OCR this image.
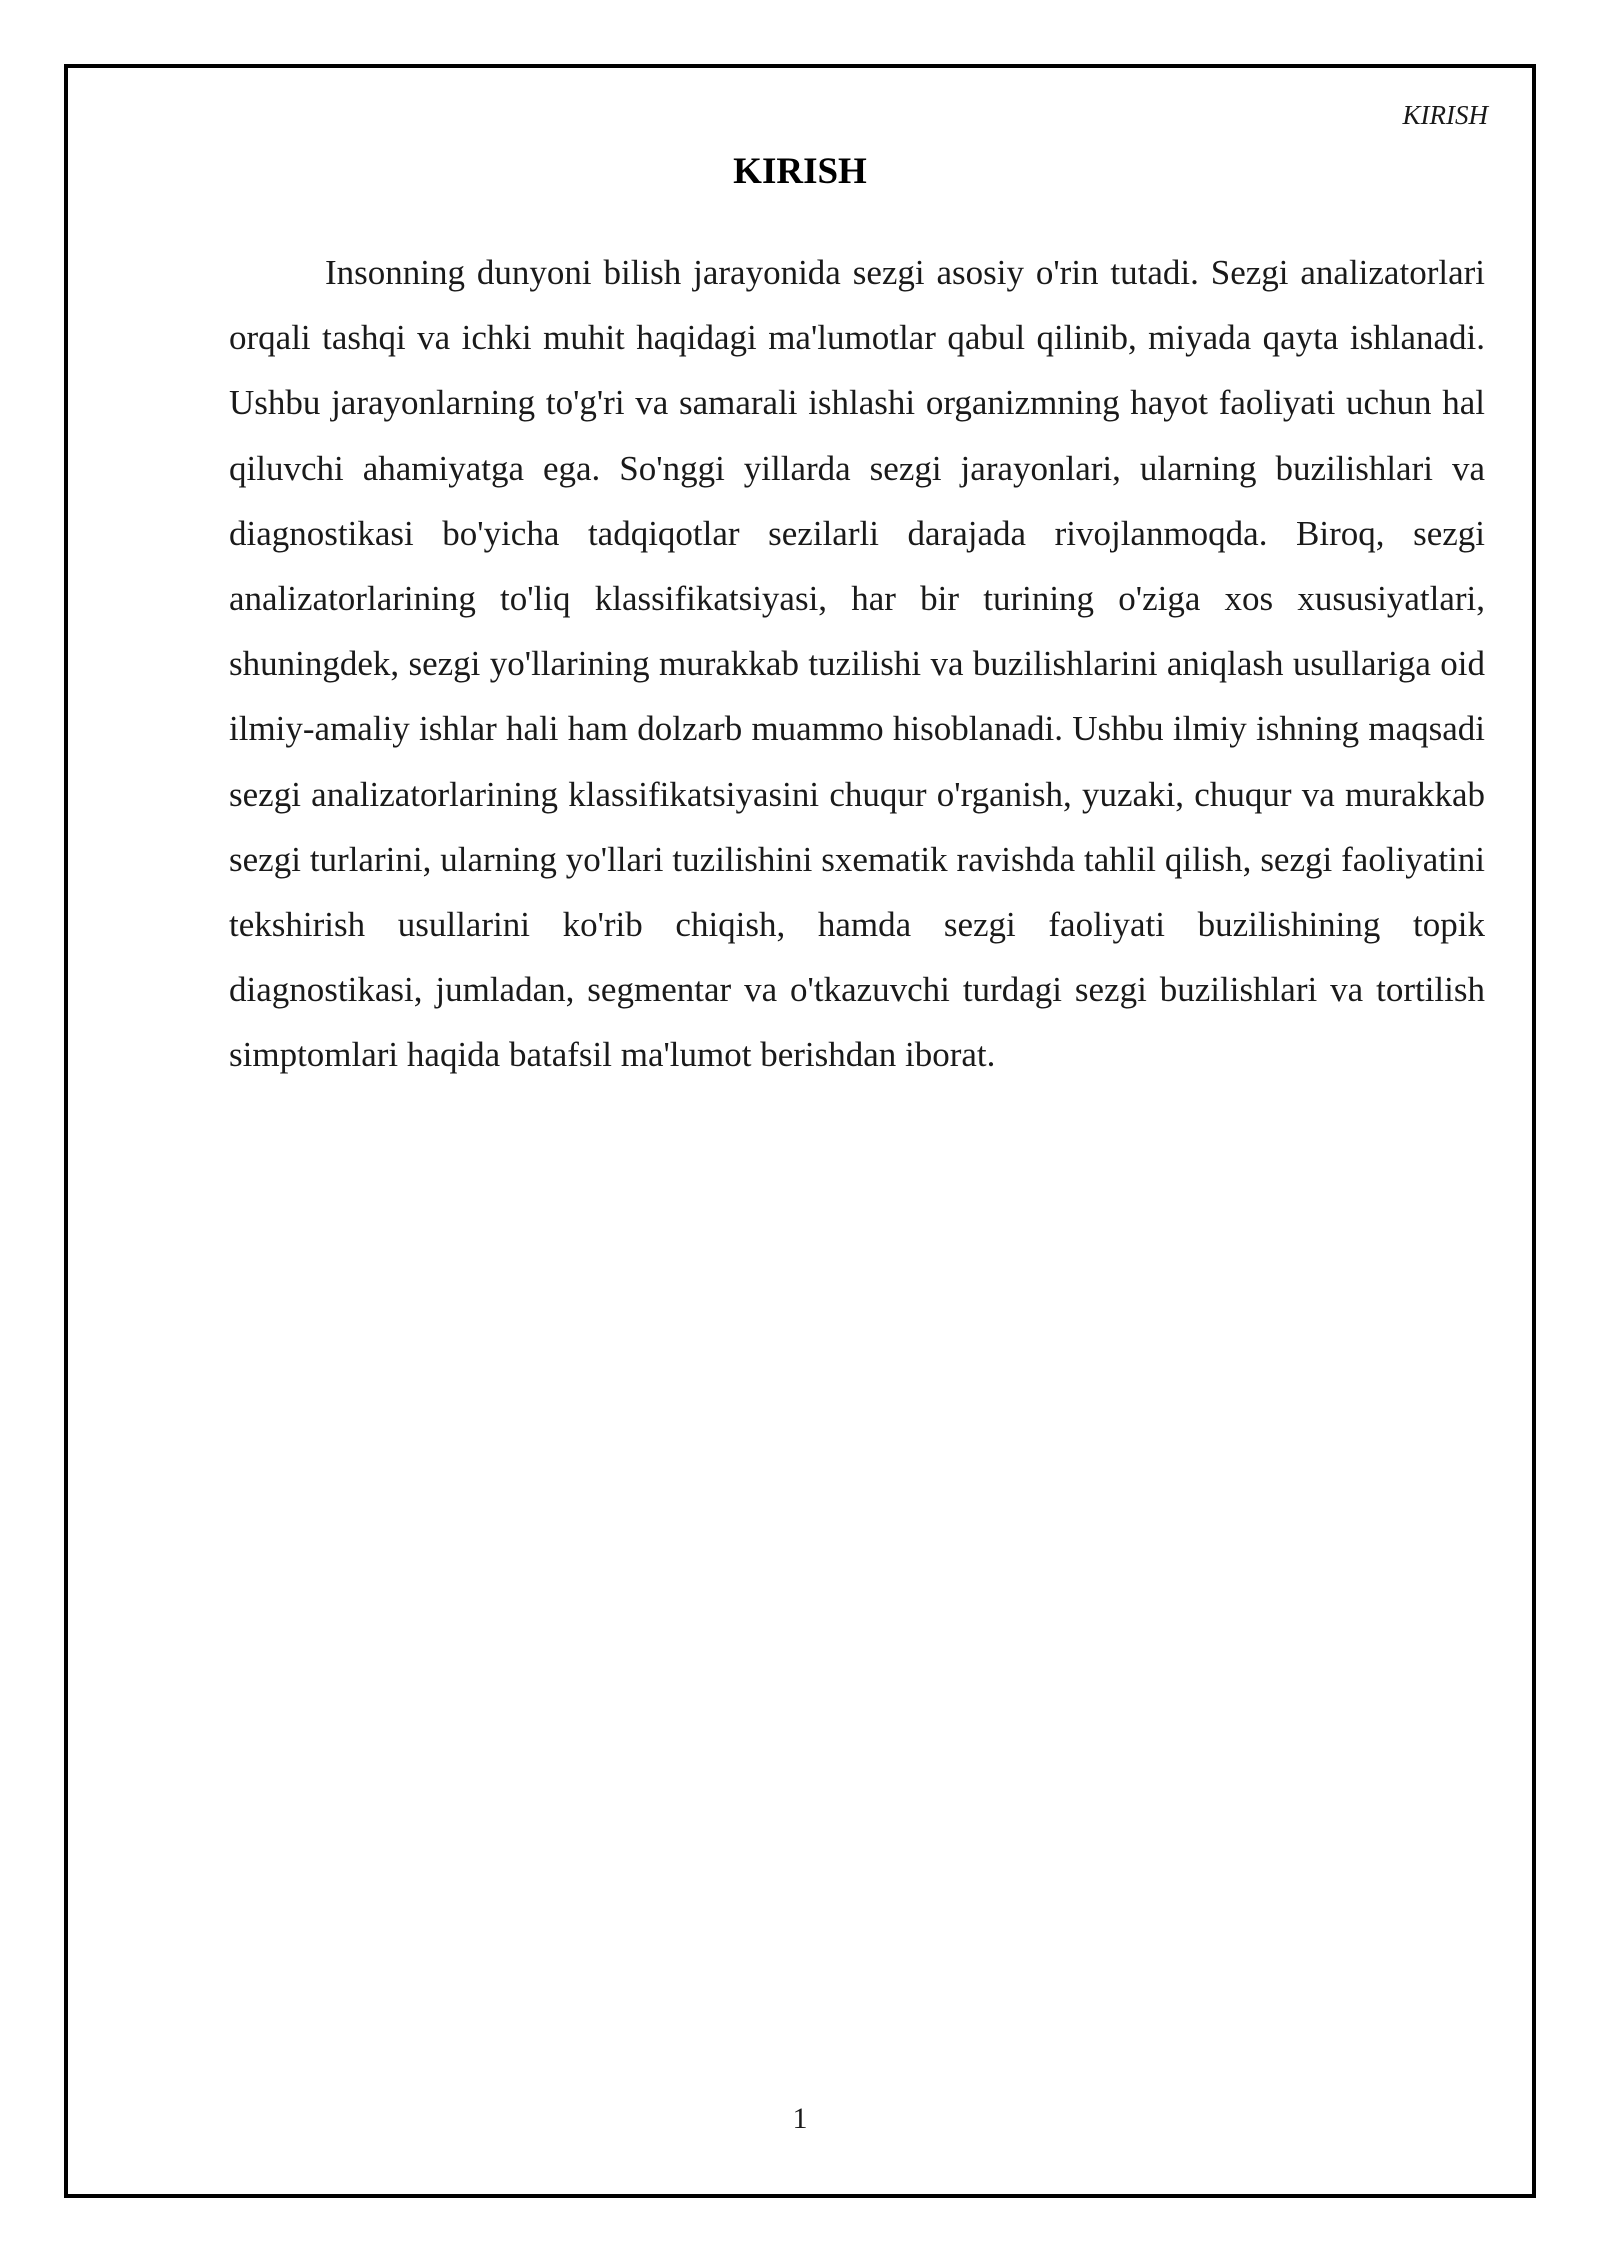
KIRISH
KIRISH

Insonning dunyoni bilish jarayonida sezgi asosiy o'rin tutadi. Sezgi analizatorlari orqali tashqi va ichki muhit haqidagi ma'lumotlar qabul qilinib, miyada qayta ishlanadi. Ushbu jarayonlarning to'g'ri va samarali ishlashi organizmning hayot faoliyati uchun hal qiluvchi ahamiyatga ega. So'nggi yillarda sezgi jarayonlari, ularning buzilishlari va diagnostikasi bo'yicha tadqiqotlar sezilarli darajada rivojlanmoqda. Biroq, sezgi analizatorlarining to'liq klassifikatsiyasi, har bir turining o'ziga xos xususiyatlari, shuningdek, sezgi yo'llarining murakkab tuzilishi va buzilishlarini aniqlash usullariga oid ilmiy-amaliy ishlar hali ham dolzarb muammo hisoblanadi. Ushbu ilmiy ishning maqsadi sezgi analizatorlarining klassifikatsiyasini chuqur o'rganish, yuzaki, chuqur va murakkab sezgi turlarini, ularning yo'llari tuzilishini sxematik ravishda tahlil qilish, sezgi faoliyatini tekshirish usullarini ko'rib chiqish, hamda sezgi faoliyati buzilishining topik diagnostikasi, jumladan, segmentar va o'tkazuvchi turdagi sezgi buzilishlari va tortilish simptomlari haqida batafsil ma'lumot berishdan iborat.

1
